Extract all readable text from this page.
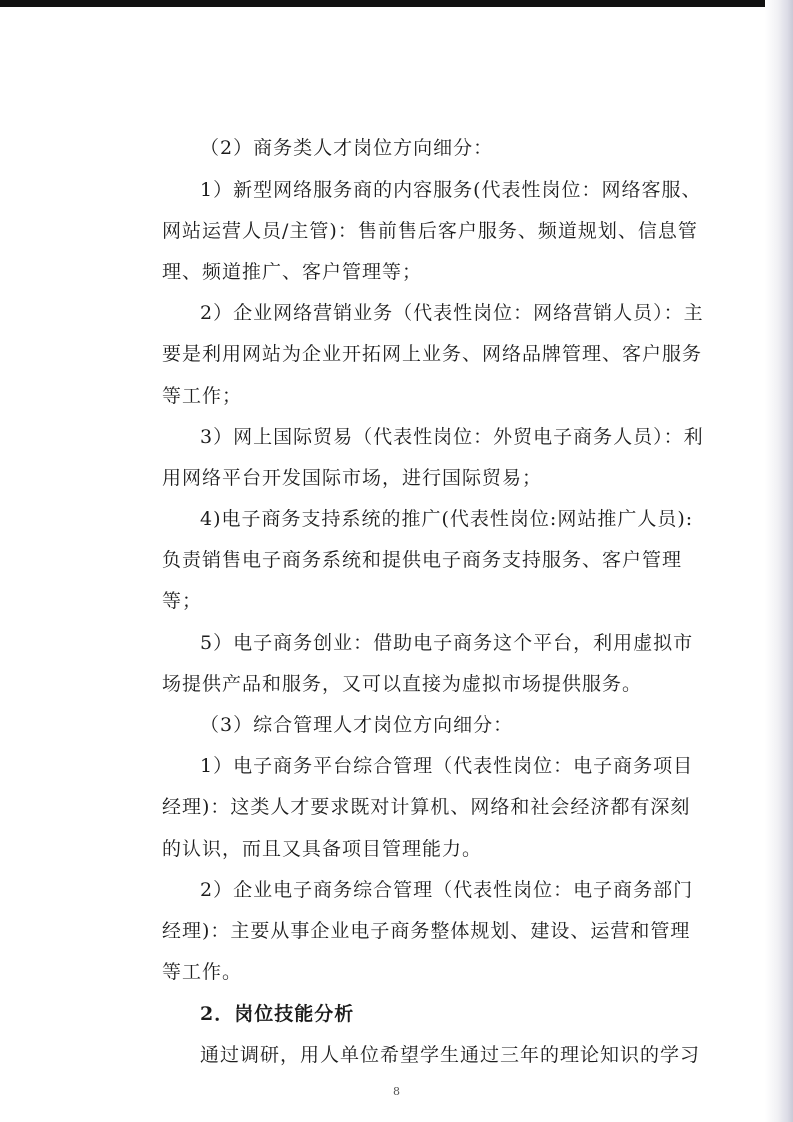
（2）商务类人才岗位方向细分：

1）新型网络服务商的内容服务(代表性岗位：网络客服、

网站运营人员/主管)：售前售后客户服务、频道规划、信息管

理、频道推广、客户管理等；

2）企业网络营销业务（代表性岗位：网络营销人员）：主

要是利用网站为企业开拓网上业务、网络品牌管理、客户服务

等工作；

3）网上国际贸易（代表性岗位：外贸电子商务人员）：利

用网络平台开发国际市场，进行国际贸易；

4)电子商务支持系统的推广(代表性岗位:网站推广人员):

负责销售电子商务系统和提供电子商务支持服务、客户管理

等；

5）电子商务创业：借助电子商务这个平台，利用虚拟市

场提供产品和服务，又可以直接为虚拟市场提供服务。

（3）综合管理人才岗位方向细分：

1）电子商务平台综合管理（代表性岗位：电子商务项目

经理)：这类人才要求既对计算机、网络和社会经济都有深刻

的认识，而且又具备项目管理能力。

2）企业电子商务综合管理（代表性岗位：电子商务部门

经理)：主要从事企业电子商务整体规划、建设、运营和管理

等工作。

2．岗位技能分析

通过调研，用人单位希望学生通过三年的理论知识的学习

8
